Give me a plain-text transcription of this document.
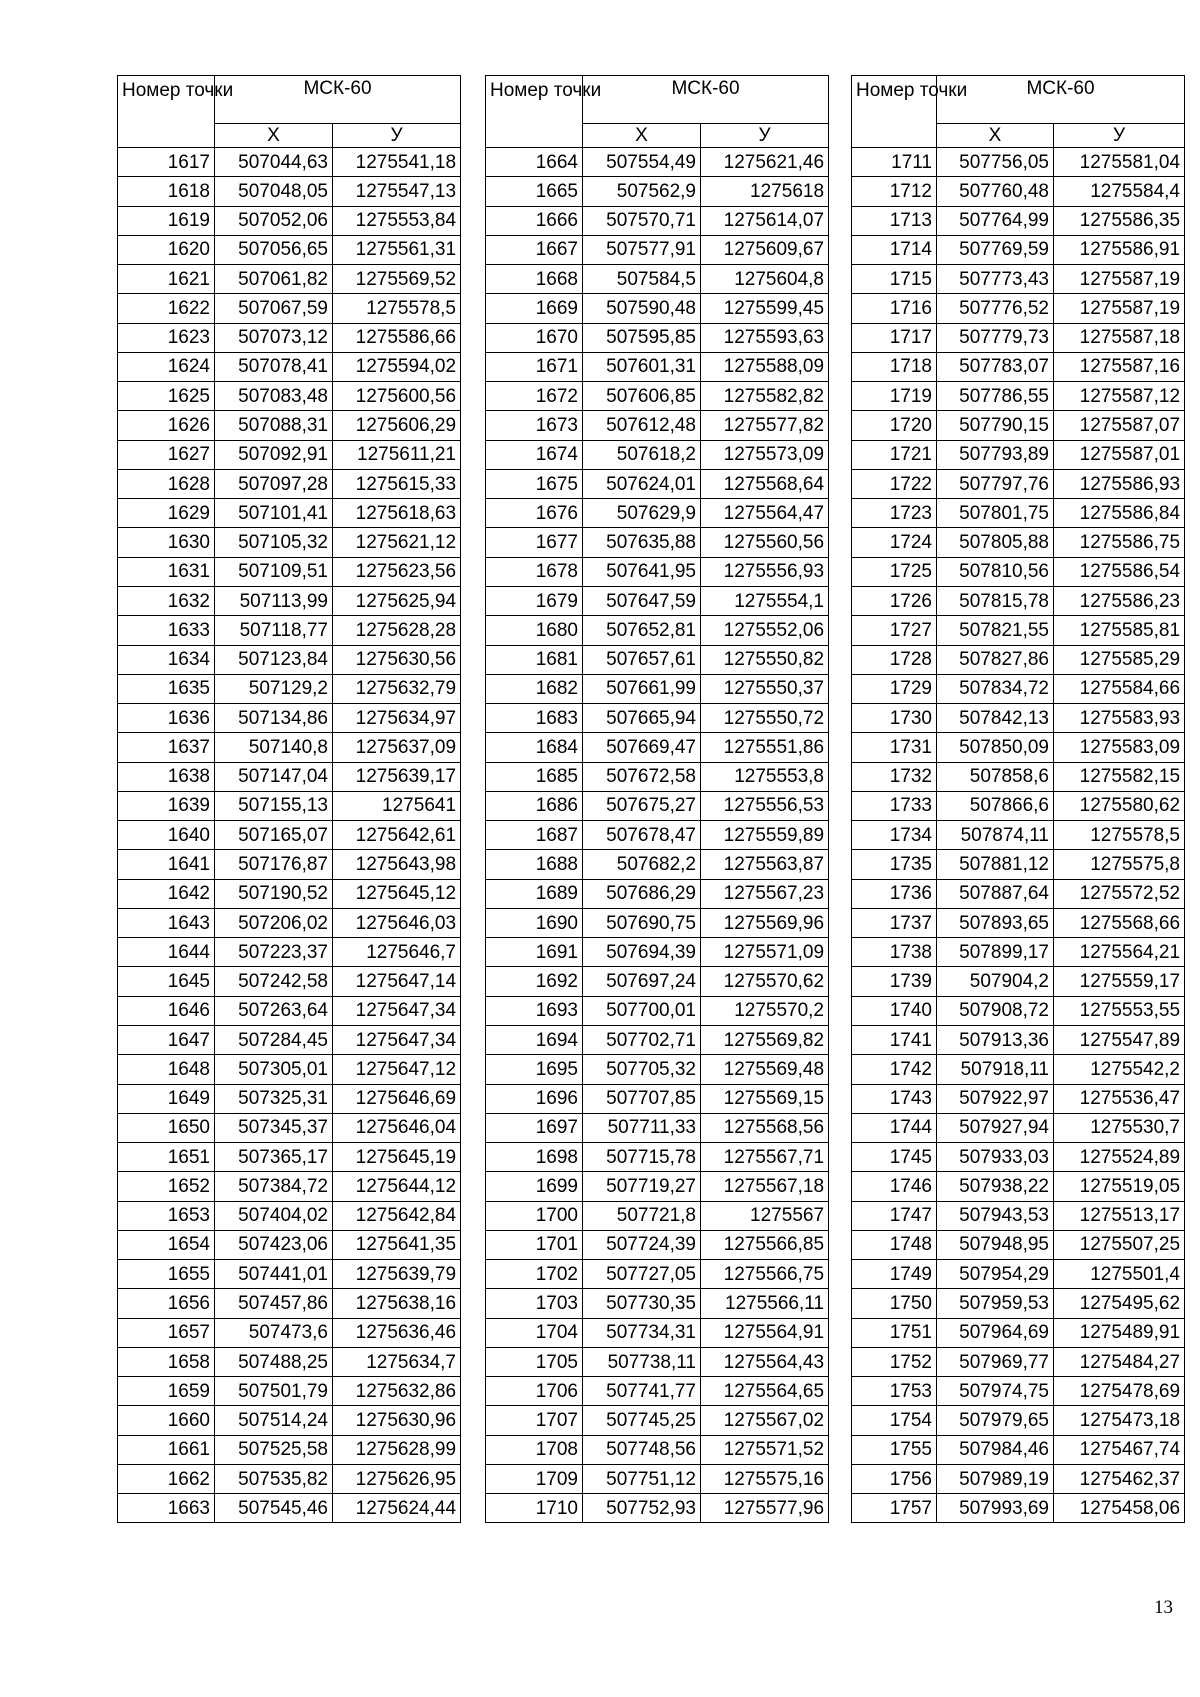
Номер точки	МСК-60	
	X	У
1617	507044,63	1275541,18
1618	507048,05	1275547,13
1619	507052,06	1275553,84
1620	507056,65	1275561,31
1621	507061,82	1275569,52
1622	507067,59	1275578,5
1623	507073,12	1275586,66
1624	507078,41	1275594,02
1625	507083,48	1275600,56
1626	507088,31	1275606,29
1627	507092,91	1275611,21
1628	507097,28	1275615,33
1629	507101,41	1275618,63
1630	507105,32	1275621,12
1631	507109,51	1275623,56
1632	507113,99	1275625,94
1633	507118,77	1275628,28
1634	507123,84	1275630,56
1635	507129,2	1275632,79
1636	507134,86	1275634,97
1637	507140,8	1275637,09
1638	507147,04	1275639,17
1639	507155,13	1275641
1640	507165,07	1275642,61
1641	507176,87	1275643,98
1642	507190,52	1275645,12
1643	507206,02	1275646,03
1644	507223,37	1275646,7
1645	507242,58	1275647,14
1646	507263,64	1275647,34
1647	507284,45	1275647,34
1648	507305,01	1275647,12
1649	507325,31	1275646,69
1650	507345,37	1275646,04
1651	507365,17	1275645,19
1652	507384,72	1275644,12
1653	507404,02	1275642,84
1654	507423,06	1275641,35
1655	507441,01	1275639,79
1656	507457,86	1275638,16
1657	507473,6	1275636,46
1658	507488,25	1275634,7
1659	507501,79	1275632,86
1660	507514,24	1275630,96
1661	507525,58	1275628,99
1662	507535,82	1275626,95
1663	507545,46	1275624,44
Номер точки	МСК-60	
	X	У
1664	507554,49	1275621,46
1665	507562,9	1275618
1666	507570,71	1275614,07
1667	507577,91	1275609,67
1668	507584,5	1275604,8
1669	507590,48	1275599,45
1670	507595,85	1275593,63
1671	507601,31	1275588,09
1672	507606,85	1275582,82
1673	507612,48	1275577,82
1674	507618,2	1275573,09
1675	507624,01	1275568,64
1676	507629,9	1275564,47
1677	507635,88	1275560,56
1678	507641,95	1275556,93
1679	507647,59	1275554,1
1680	507652,81	1275552,06
1681	507657,61	1275550,82
1682	507661,99	1275550,37
1683	507665,94	1275550,72
1684	507669,47	1275551,86
1685	507672,58	1275553,8
1686	507675,27	1275556,53
1687	507678,47	1275559,89
1688	507682,2	1275563,87
1689	507686,29	1275567,23
1690	507690,75	1275569,96
1691	507694,39	1275571,09
1692	507697,24	1275570,62
1693	507700,01	1275570,2
1694	507702,71	1275569,82
1695	507705,32	1275569,48
1696	507707,85	1275569,15
1697	507711,33	1275568,56
1698	507715,78	1275567,71
1699	507719,27	1275567,18
1700	507721,8	1275567
1701	507724,39	1275566,85
1702	507727,05	1275566,75
1703	507730,35	1275566,11
1704	507734,31	1275564,91
1705	507738,11	1275564,43
1706	507741,77	1275564,65
1707	507745,25	1275567,02
1708	507748,56	1275571,52
1709	507751,12	1275575,16
1710	507752,93	1275577,96
Номер точки	МСК-60	
	X	У
1711	507756,05	1275581,04
1712	507760,48	1275584,4
1713	507764,99	1275586,35
1714	507769,59	1275586,91
1715	507773,43	1275587,19
1716	507776,52	1275587,19
1717	507779,73	1275587,18
1718	507783,07	1275587,16
1719	507786,55	1275587,12
1720	507790,15	1275587,07
1721	507793,89	1275587,01
1722	507797,76	1275586,93
1723	507801,75	1275586,84
1724	507805,88	1275586,75
1725	507810,56	1275586,54
1726	507815,78	1275586,23
1727	507821,55	1275585,81
1728	507827,86	1275585,29
1729	507834,72	1275584,66
1730	507842,13	1275583,93
1731	507850,09	1275583,09
1732	507858,6	1275582,15
1733	507866,6	1275580,62
1734	507874,11	1275578,5
1735	507881,12	1275575,8
1736	507887,64	1275572,52
1737	507893,65	1275568,66
1738	507899,17	1275564,21
1739	507904,2	1275559,17
1740	507908,72	1275553,55
1741	507913,36	1275547,89
1742	507918,11	1275542,2
1743	507922,97	1275536,47
1744	507927,94	1275530,7
1745	507933,03	1275524,89
1746	507938,22	1275519,05
1747	507943,53	1275513,17
1748	507948,95	1275507,25
1749	507954,29	1275501,4
1750	507959,53	1275495,62
1751	507964,69	1275489,91
1752	507969,77	1275484,27
1753	507974,75	1275478,69
1754	507979,65	1275473,18
1755	507984,46	1275467,74
1756	507989,19	1275462,37
1757	507993,69	1275458,06
13
